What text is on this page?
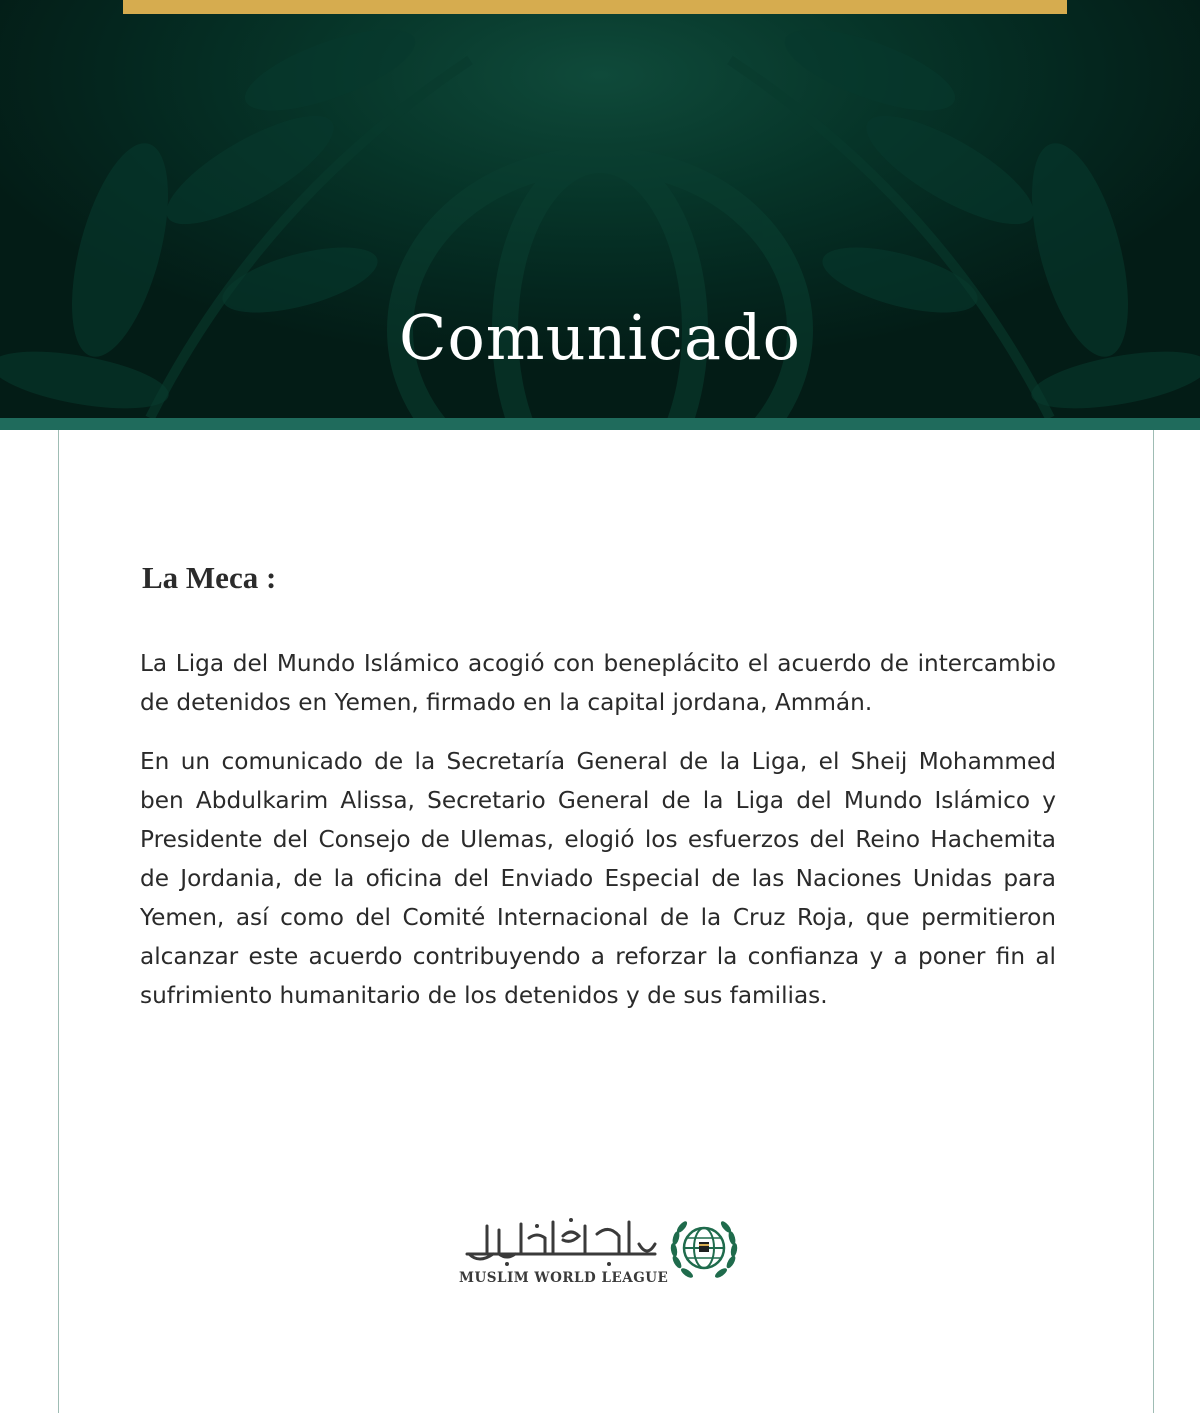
Comunicado
La Meca :

La Liga del Mundo Islámico acogió con beneplácito el acuerdo de intercambio de detenidos en Yemen, firmado en la capital jordana, Ammán.

En un comunicado de la Secretaría General de la Liga, el Sheij Mohammed ben Abdulkarim Alissa, Secretario General de la Liga del Mundo Islámico y Presidente del Consejo de Ulemas, elogió los esfuerzos del Reino Hachemita de Jordania, de la oficina del Enviado Especial de las Naciones Unidas para Yemen, así como del Comité Internacional de la Cruz Roja, que permitieron alcanzar este acuerdo contribuyendo a reforzar la confianza y a poner fin al sufrimiento humanitario de los detenidos y de sus familias.

MUSLIM WORLD LEAGUE
